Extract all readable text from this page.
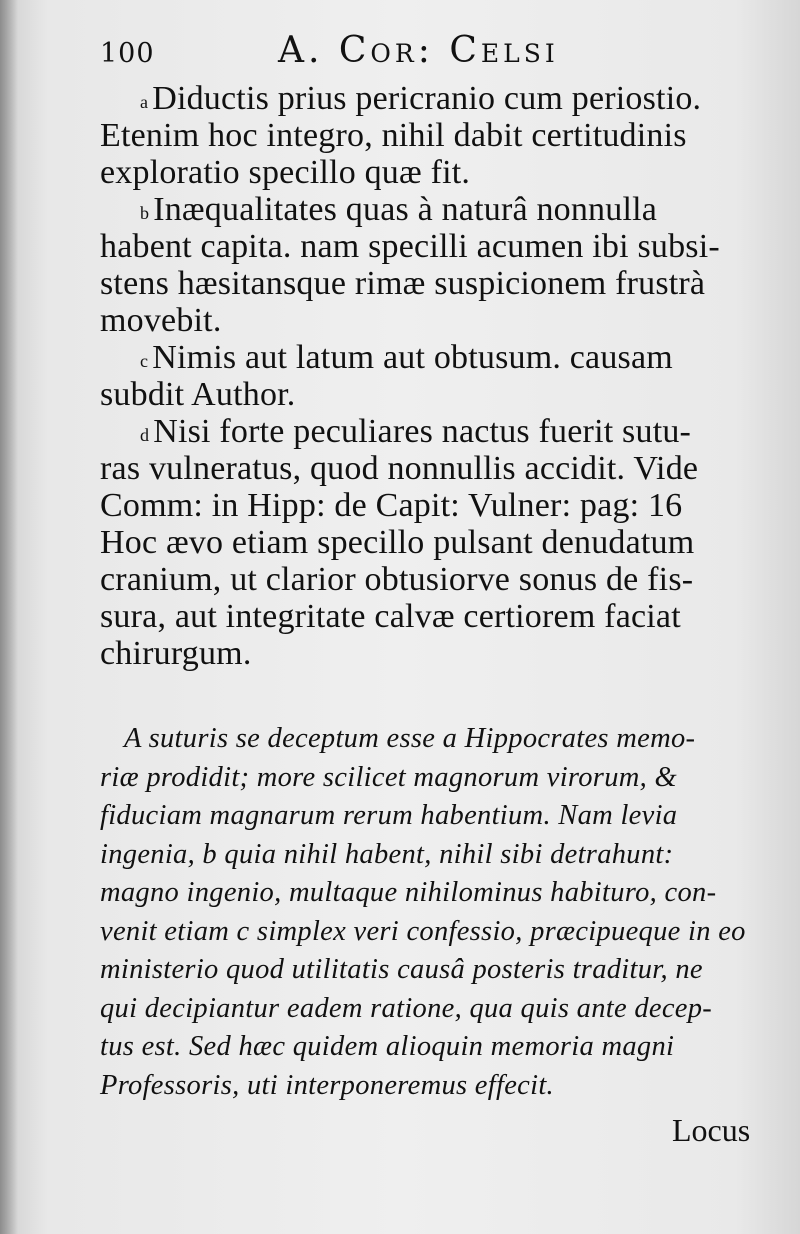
100	A. Cor: Celsi

$^a$ Diductis prius pericranio cum periostio.
Etenim hoc integro, nihil dabit certitudinis
exploratio specillo quæ fit.

$^b$ Inæqualitates quas à naturâ nonnulla
habent capita. nam specilli acumen ibi subsi-
stens hæsitansque rimæ suspicionem frustrà
movebit.

$^c$ Nimis aut latum aut obtusum. causam
subdit Author.

$^d$ Nisi forte peculiares nactus fuerit sutu-
ras vulneratus, quod nonnullis accidit. Vide
Comm: in Hipp: de Capit: Vulner: pag: 16
Hoc ævo etiam specillo pulsant denudatum
cranium, ut clarior obtusiorve sonus de fis-
sura, aut integritate calvæ certiorem faciat
chirurgum.

A suturis se deceptum esse a Hippocrates memo-
riæ prodidit; more scilicet magnorum virorum, &
fiduciam magnarum rerum habentium. Nam levia
ingenia, b quia nihil habent, nihil sibi detrahunt:
magno ingenio, multaque nihilominus habituro, con-
venit etiam c simplex veri confessio, præcipueque in eo
ministerio quod utilitatis causâ posteris traditur, ne
qui decipiantur eadem ratione, qua quis ante decep-
tus est. Sed hæc quidem alioquin memoria magni
Professoris, uti interponeremus effecit.
Locus
